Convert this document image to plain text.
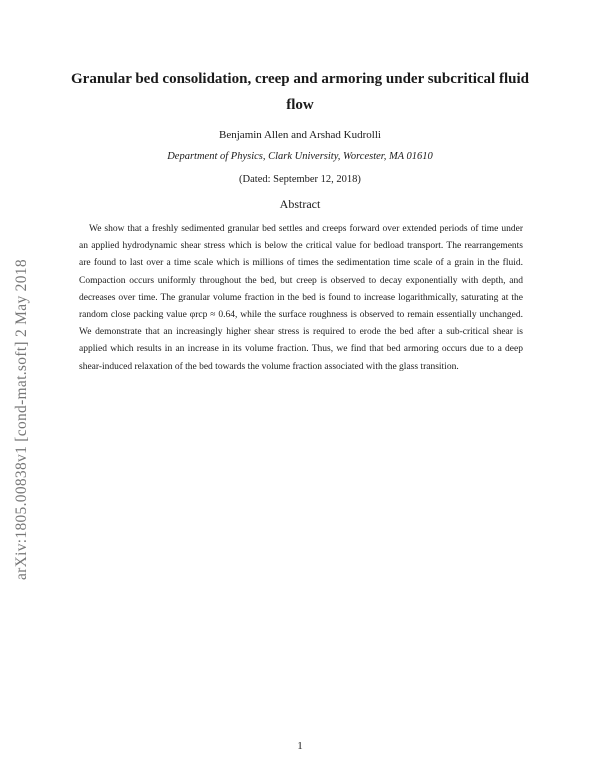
arXiv:1805.00838v1 [cond-mat.soft] 2 May 2018
Granular bed consolidation, creep and armoring under subcritical fluid flow
Benjamin Allen and Arshad Kudrolli
Department of Physics, Clark University, Worcester, MA 01610
(Dated: September 12, 2018)
Abstract

We show that a freshly sedimented granular bed settles and creeps forward over extended periods of time under an applied hydrodynamic shear stress which is below the critical value for bedload transport. The rearrangements are found to last over a time scale which is millions of times the sedimentation time scale of a grain in the fluid. Compaction occurs uniformly throughout the bed, but creep is observed to decay exponentially with depth, and decreases over time. The granular volume fraction in the bed is found to increase logarithmically, saturating at the random close packing value φrcp ≈ 0.64, while the surface roughness is observed to remain essentially unchanged. We demonstrate that an increasingly higher shear stress is required to erode the bed after a sub-critical shear is applied which results in an increase in its volume fraction. Thus, we find that bed armoring occurs due to a deep shear-induced relaxation of the bed towards the volume fraction associated with the glass transition.

1
